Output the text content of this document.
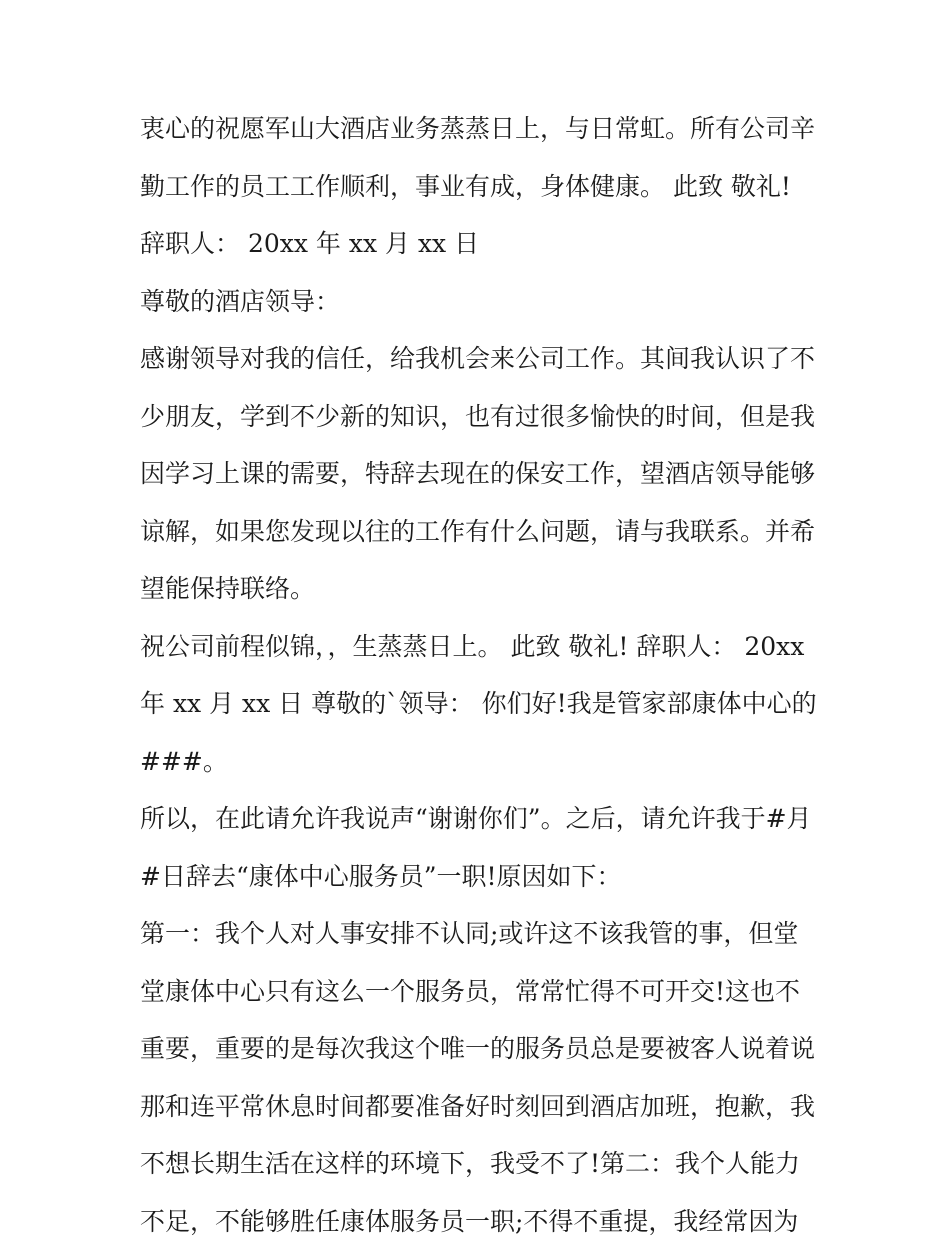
衷心的祝愿军山大酒店业务蒸蒸日上，与日常虹。所有公司辛
勤工作的员工工作顺利，事业有成，身体健康。 此致 敬礼!
辞职人： 20xx 年 xx 月 xx 日
尊敬的酒店领导：
感谢领导对我的信任，给我机会来公司工作。其间我认识了不
少朋友，学到不少新的知识，也有过很多愉快的时间，但是我
因学习上课的需要，特辞去现在的保安工作，望酒店领导能够
谅解，如果您发现以往的工作有什么问题，请与我联系。并希
望能保持联络。
祝公司前程似锦，，生蒸蒸日上。 此致 敬礼! 辞职人： 20xx
年 xx 月 xx 日 尊敬的`领导： 你们好!我是管家部康体中心的
###。
所以，在此请允许我说声“谢谢你们”。之后，请允许我于#月
#日辞去“康体中心服务员”一职!原因如下：
第一：我个人对人事安排不认同;或许这不该我管的事，但堂
堂康体中心只有这么一个服务员，常常忙得不可开交!这也不
重要，重要的是每次我这个唯一的服务员总是要被客人说着说
那和连平常休息时间都要准备好时刻回到酒店加班，抱歉，我
不想长期生活在这样的环境下，我受不了!第二：我个人能力
不足，不能够胜任康体服务员一职;不得不重提，我经常因为
